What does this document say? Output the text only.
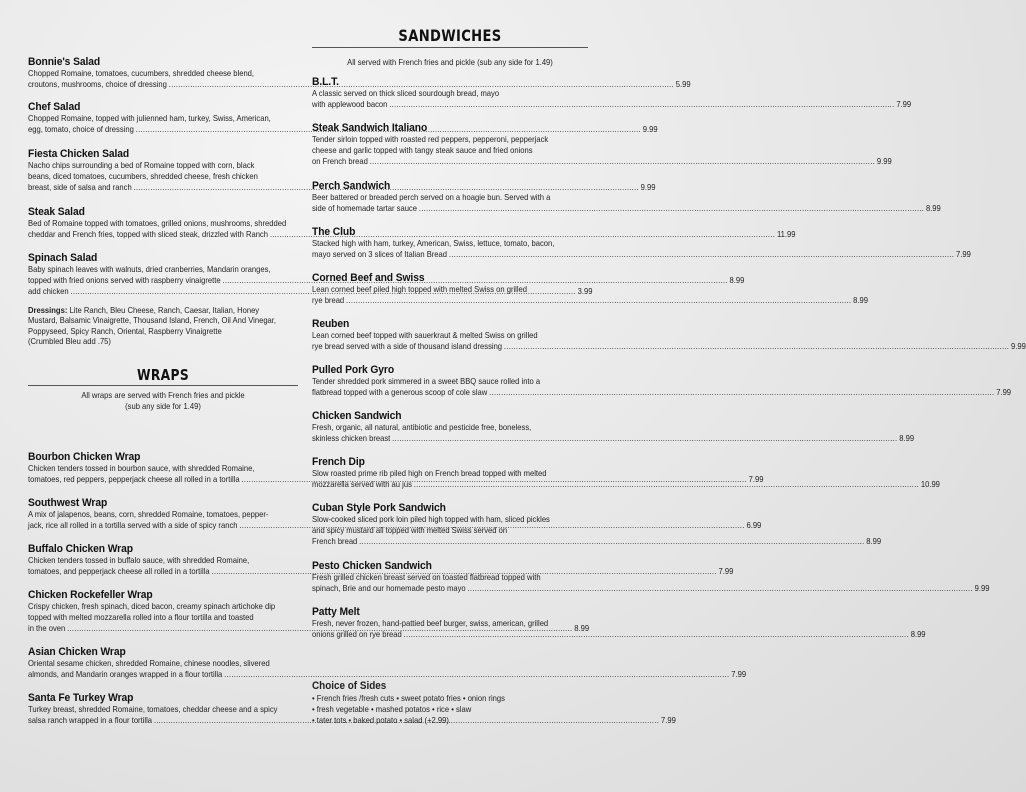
Bonnie's Salad
Chopped Romaine, tomatoes, cucumbers, shredded cheese blend,
croutons, mushrooms, choice of dressing .....	5.99
Chef Salad
Chopped Romaine, topped with julienned ham, turkey, Swiss, American,
egg, tomato, choice of dressing .....	9.99
Fiesta Chicken Salad
Nacho chips surrounding a bed of Romaine topped with corn, black
beans, diced tomatoes, cucumbers, shredded cheese, fresh chicken
breast, side of salsa and ranch .....	9.99
Steak Salad
Bed of Romaine topped with tomatoes, grilled onions, mushrooms, shredded
cheddar and French fries, topped with sliced steak, drizzled with Ranch .....	11.99
Spinach Salad
Baby spinach leaves with walnuts, dried cranberries, Mandarin oranges,
topped with fried onions served with raspberry vinaigrette .....	8.99
add chicken .....	3.99
Dressings: Lite Ranch, Bleu Cheese, Ranch, Caesar, Italian, Honey
Mustard, Balsamic Vinaigrette, Thousand Island, French, Oil And Vinegar,
Poppyseed, Spicy Ranch, Oriental, Raspberry Vinaigrette
(Crumbled Bleu add .75)
WRAPS
All wraps are served with French fries and pickle
(sub any side for 1.49)
Bourbon Chicken Wrap
Chicken tenders tossed in bourbon sauce, with shredded Romaine,
tomatoes, red peppers, pepperjack cheese all rolled in a tortilla .....	7.99
Southwest Wrap
A mix of jalapenos, beans, corn, shredded Romaine, tomatoes, pepper-
jack, rice all rolled in a tortilla served with a side of spicy ranch .....	6.99
Buffalo Chicken Wrap
Chicken tenders tossed in buffalo sauce, with shredded Romaine,
tomatoes, and pepperjack cheese all rolled in a tortilla .....	7.99
Chicken Rockefeller Wrap
Crispy chicken, fresh spinach, diced bacon, creamy spinach artichoke dip
topped with melted mozzarella rolled into a flour tortilla and toasted
in the oven .....	8.99
Asian Chicken Wrap
Oriental sesame chicken, shredded Romaine, chinese noodles, slivered
almonds, and Mandarin oranges wrapped in a flour tortilla .....	7.99
Santa Fe Turkey Wrap
Turkey breast, shredded Romaine, tomatoes, cheddar cheese and a spicy
salsa ranch wrapped in a flour tortilla .....	7.99
SANDWICHES
All served with French fries and pickle (sub any side for 1.49)
B.L.T.
A classic served on thick sliced sourdough bread, mayo
with applewood bacon .....	7.99
Steak Sandwich Italiano
Tender sirloin topped with roasted red peppers, pepperoni, pepperjack
cheese and garlic topped with tangy steak sauce and fried onions
on French bread .....	9.99
Perch Sandwich
Beer battered or breaded perch served on a hoagie bun. Served with a
side of homemade tartar sauce .....	8.99
The Club
Stacked high with ham, turkey, American, Swiss, lettuce, tomato, bacon,
mayo served on 3 slices of Italian Bread .....	7.99
Corned Beef and Swiss
Lean corned beef piled high topped with melted Swiss on grilled
rye bread .....	8.99
Reuben
Lean corned beef topped with sauerkraut & melted Swiss on grilled
rye bread served with a side of thousand island dressing .....	9.99
Pulled Pork Gyro
Tender shredded pork simmered in a sweet BBQ sauce rolled into a
flatbread topped with a generous scoop of cole slaw .....	7.99
Chicken Sandwich
Fresh, organic, all natural, antibiotic and pesticide free, boneless,
skinless chicken breast .....	8.99
French Dip
Slow roasted prime rib piled high on French bread topped with melted
mozzarella served with au jus .....	10.99
Cuban Style Pork Sandwich
Slow-cooked sliced pork loin piled high topped with ham, sliced pickles
and spicy mustard all topped with melted Swiss served on
French bread .....	8.99
Pesto Chicken Sandwich
Fresh grilled chicken breast served on toasted flatbread topped with
spinach, Brie and our homemade pesto mayo .....	9.99
Patty Melt
Fresh, never frozen, hand-pattied beef burger, swiss, american, grilled
onions grilled on rye bread .....	8.99
Choice of Sides
• French fries /fresh cuts • sweet potato fries • onion rings
• fresh vegetable • mashed potatos • rice • slaw
• tater tots • baked potato • salad (+2.99)
